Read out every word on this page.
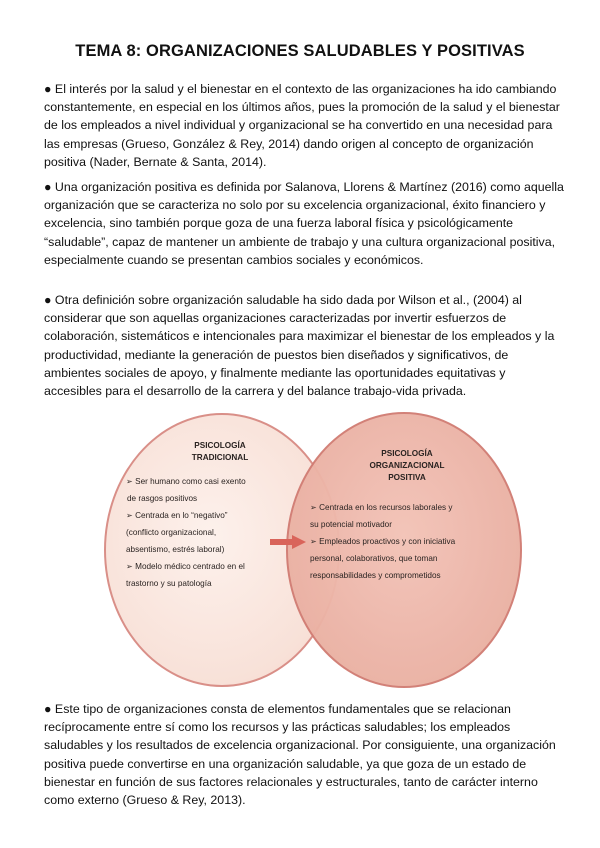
TEMA 8: ORGANIZACIONES SALUDABLES Y POSITIVAS
● El interés por la salud y el bienestar en el contexto de las organizaciones ha ido cambiando constantemente, en especial en los últimos años, pues la promoción de la salud y el bienestar de los empleados a nivel individual y organizacional se ha convertido en una necesidad para las empresas (Grueso, González & Rey, 2014) dando origen al concepto de organización positiva (Nader, Bernate & Santa, 2014).
● Una organización positiva es definida por Salanova, Llorens & Martínez (2016) como aquella organización que se caracteriza no solo por su excelencia organizacional, éxito financiero y excelencia, sino también porque goza de una fuerza laboral física y psicológicamente “saludable”, capaz de mantener un ambiente de trabajo y una cultura organizacional positiva, especialmente cuando se presentan cambios sociales y económicos.
● Otra definición sobre organización saludable ha sido dada por Wilson et al., (2004) al considerar que son aquellas organizaciones caracterizadas por invertir esfuerzos de colaboración, sistemáticos e intencionales para maximizar el bienestar de los empleados y la productividad, mediante la generación de puestos bien diseñados y significativos, de ambientes sociales de apoyo, y finalmente mediante las oportunidades equitativas y accesibles para el desarrollo de la carrera y del balance trabajo-vida privada.
PSICOLOGÍA
TRADICIONAL
➢ Ser humano como casi exento
de rasgos positivos
➢ Centrada en lo “negativo”
(conflicto organizacional,
absentismo, estrés laboral)
➢ Modelo médico centrado en el
trastorno y su patología
PSICOLOGÍA
ORGANIZACIONAL
POSITIVA
➢ Centrada en los recursos laborales y
su potencial motivador
➢ Empleados proactivos y con iniciativa
personal, colaborativos, que toman
responsabilidades y comprometidos
● Este tipo de organizaciones consta de elementos fundamentales que se relacionan recíprocamente entre sí como los recursos y las prácticas saludables; los empleados saludables y los resultados de excelencia organizacional. Por consiguiente, una organización positiva puede convertirse en una organización saludable, ya que goza de un estado de bienestar en función de sus factores relacionales y estructurales, tanto de carácter interno como externo (Grueso & Rey, 2013).
